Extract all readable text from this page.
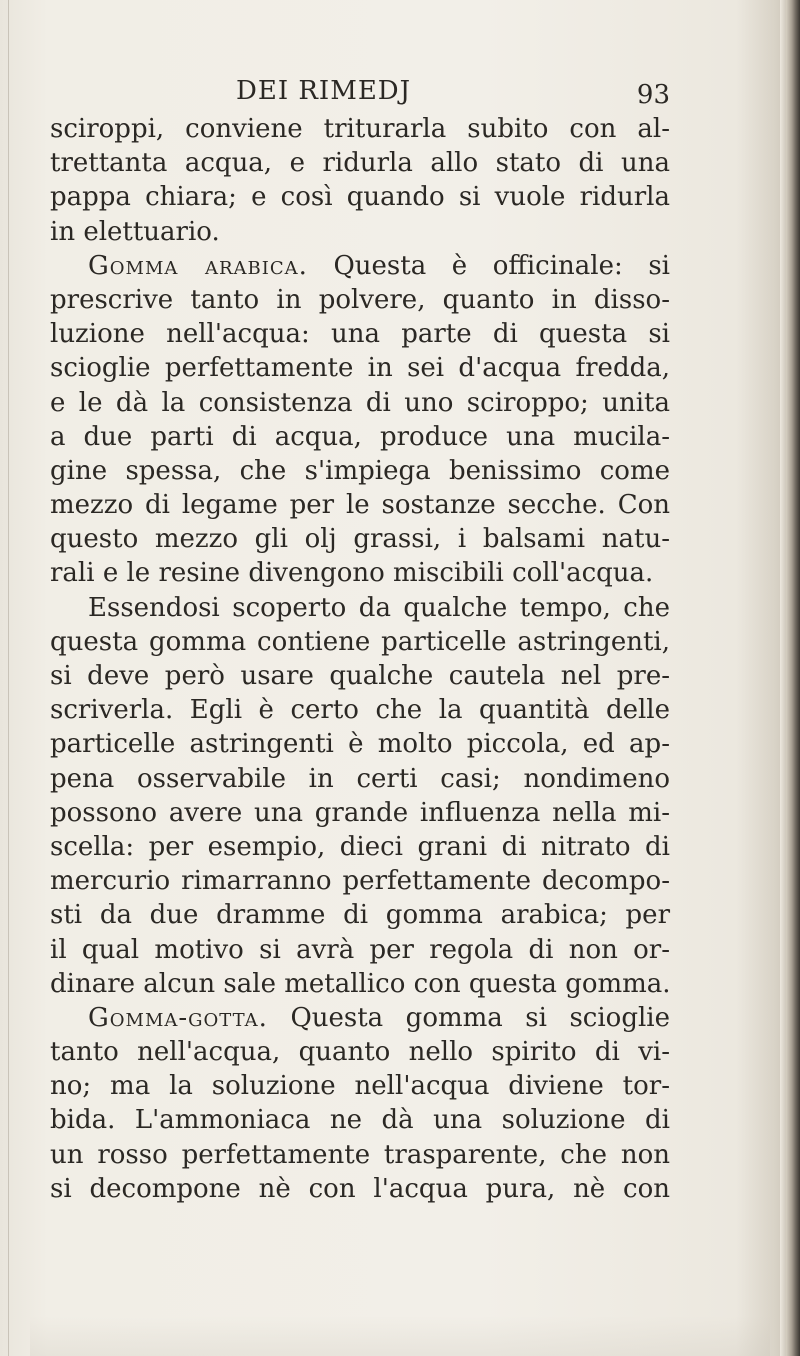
DEI RIMEDJ	93
sciroppi, conviene triturarla subito con al-
trettanta acqua, e ridurla allo stato di una
pappa chiara; e così quando si vuole ridurla
in elettuario.
Gomma arabica. Questa è officinale: si
prescrive tanto in polvere, quanto in disso-
luzione nell'acqua: una parte di questa si
scioglie perfettamente in sei d'acqua fredda,
e le dà la consistenza di uno sciroppo; unita
a due parti di acqua, produce una mucila-
gine spessa, che s'impiega benissimo come
mezzo di legame per le sostanze secche. Con
questo mezzo gli olj grassi, i balsami natu-
rali e le resine divengono miscibili coll'acqua.
Essendosi scoperto da qualche tempo, che
questa gomma contiene particelle astringenti,
si deve però usare qualche cautela nel pre-
scriverla. Egli è certo che la quantità delle
particelle astringenti è molto piccola, ed ap-
pena osservabile in certi casi; nondimeno
possono avere una grande influenza nella mi-
scella: per esempio, dieci grani di nitrato di
mercurio rimarranno perfettamente decompo-
sti da due dramme di gomma arabica; per
il qual motivo si avrà per regola di non or-
dinare alcun sale metallico con questa gomma.
Gomma-gotta. Questa gomma si scioglie
tanto nell'acqua, quanto nello spirito di vi-
no; ma la soluzione nell'acqua diviene tor-
bida. L'ammoniaca ne dà una soluzione di
un rosso perfettamente trasparente, che non
si decompone nè con l'acqua pura, nè con
